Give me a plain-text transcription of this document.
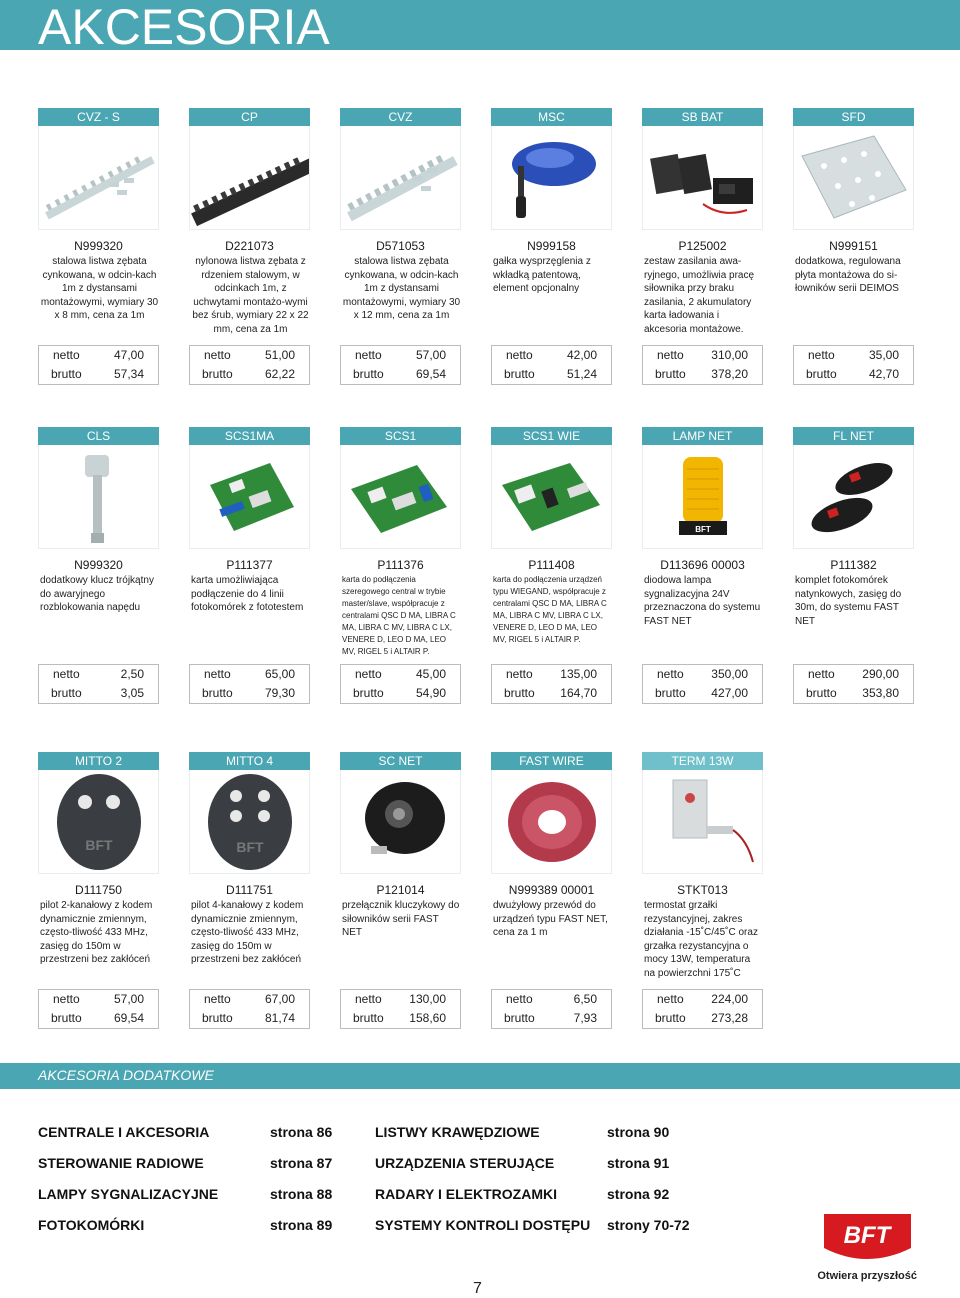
AKCESORIA
CVZ - S
N999320
stalowa listwa zębata cynkowana, w odcin-kach 1m z dystansami montażowymi, wymiary 30 x 8 mm, cena za 1m
netto	47,00
brutto	57,34
CP
D221073
nylonowa listwa zębata z rdzeniem stalowym, w odcinkach 1m, z uchwytami montażo-wymi bez śrub, wymiary 22 x 22 mm, cena za 1m
netto	51,00
brutto	62,22
CVZ
D571053
stalowa listwa zębata cynkowana, w odcin-kach 1m z dystansami montażowymi, wymiary 30 x 12 mm, cena za 1m
netto	57,00
brutto	69,54
MSC
N999158
gałka wysprzęglenia z wkładką patentową, element opcjonalny
netto	42,00
brutto	51,24
SB BAT
P125002
zestaw zasilania awa-ryjnego, umożliwia pracę siłownika przy braku zasilania, 2 akumulatory karta ładowania i akcesoria montażowe.
netto 310,00
brutto 378,20
SFD
N999151
dodatkowa, regulowana płyta montażowa do si-łowników serii DEIMOS
netto	35,00
brutto	42,70
CLS
N999320
dodatkowy klucz trójkątny do awaryjnego rozblokowania napędu
netto	2,50
brutto	3,05
SCS1MA
P111377
karta umożliwiająca podłączenie do 4 linii fotokomórek z fototestem
netto	65,00
brutto	79,30
SCS1
P111376
karta do podłączenia szeregowego central w trybie master/slave, współpracuje z centralami QSC D MA, LIBRA C MA, LIBRA C MV, LIBRA C LX, VENERE D, LEO D MA, LEO MV, RIGEL 5 i ALTAIR P.
netto	45,00
brutto	54,90
SCS1 WIE
P111408
karta do podłączenia urządzeń typu WIEGAND, współpracuje z centralami QSC D MA, LIBRA C MA, LIBRA C MV, LIBRA C LX, VENERE D, LEO D MA, LEO MV, RIGEL 5 i ALTAIR P.
netto 135,00
brutto 164,70
LAMP NET
BFT
D113696 00003
diodowa lampa sygnalizacyjna 24V przeznaczona do systemu FAST NET
netto 350,00
brutto 427,00
FL NET
P111382
komplet fotokomórek natynkowych, zasięg do 30m, do systemu FAST NET
netto 290,00
brutto 353,80
MITTO 2
BFT
D111750
pilot 2-kanałowy z kodem dynamicznie zmiennym, często-tliwość 433 MHz, zasięg do 150m w przestrzeni bez zakłóceń
netto	57,00
brutto	69,54
MITTO 4
BFT
D111751
pilot 4-kanałowy z kodem dynamicznie zmiennym, często-tliwość 433 MHz, zasięg do 150m w przestrzeni bez zakłóceń
netto	67,00
brutto	81,74
SC NET
P121014
przełącznik kluczykowy do siłowników serii FAST NET
netto 130,00
brutto 158,60
FAST WIRE
N999389 00001
dwużyłowy przewód do urządzeń typu FAST NET, cena za 1 m
netto	6,50
brutto	7,93
TERM 13W
STKT013
termostat grzałki rezystancyjnej, zakres działania -15˚C/45˚C oraz grzałka rezystancyjna o mocy 13W, temperatura na powierzchni 175˚C
netto 224,00
brutto 273,28
AKCESORIA DODATKOWE
CENTRALE I AKCESORIA	strona 86
STEROWANIE RADIOWE	strona 87
LAMPY SYGNALIZACYJNE	strona 88
FOTOKOMÓRKI	strona 89
LISTWY KRAWĘDZIOWE	strona 90
URZĄDZENIA STERUJĄCE	strona 91
RADARY I ELEKTROZAMKI	strona 92
SYSTEMY KONTROLI DOSTĘPU strony 70-72
7
BFT
Otwiera przyszłość
